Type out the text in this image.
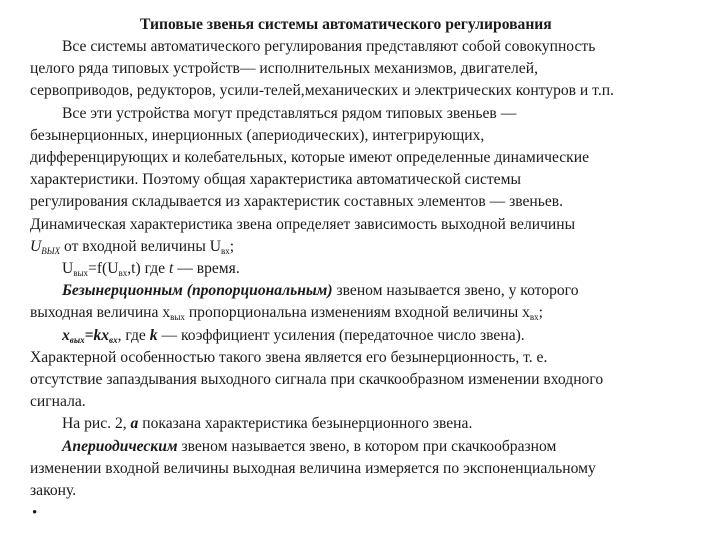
Типовые звенья системы автоматического регулирования
Все системы автоматического регулирования представляют собой совокупность
целого ряда типовых устройств— исполнительных механизмов, двигателей,
сервоприводов, редукторов, усили-телей,механических и электрических контуров и т.п.
Все эти устройства могут представляться рядом типовых звеньев —
безынерционных, инерционных (апериодических), интегрирующих,
дифференцирующих и колебательных, которые имеют определенные динамические
характеристики. Поэтому общая характеристика автоматической системы
регулирования складывается из характеристик составных элементов — звеньев.
Динамическая характеристика звена определяет зависимость выходной величины
$U_{ВЫХ}$ от входной величины $U_{вх}$;
$U_{вых}=f(U_{вх},t)$ где t — время.
Безынерционным (пропорциональным) звеном называется звено, у которого
выходная величина $x_{вых}$ пропорциональна изменениям входной величины $x_{вх}$;
$x_{вых}=kx_{вх}$, где k — коэффициент усиления (передаточное число звена).
Характерной особенностью такого звена является его безынерционность, т. е.
отсутствие запаздывания выходного сигнала при скачкообразном изменении входного
сигнала.
На рис. 2, а показана характеристика безынерционного звена.
Апериодическим звеном называется звено, в котором при скачкообразном
изменении входной величины выходная величина измеряется по экспоненциальному
закону.
•
